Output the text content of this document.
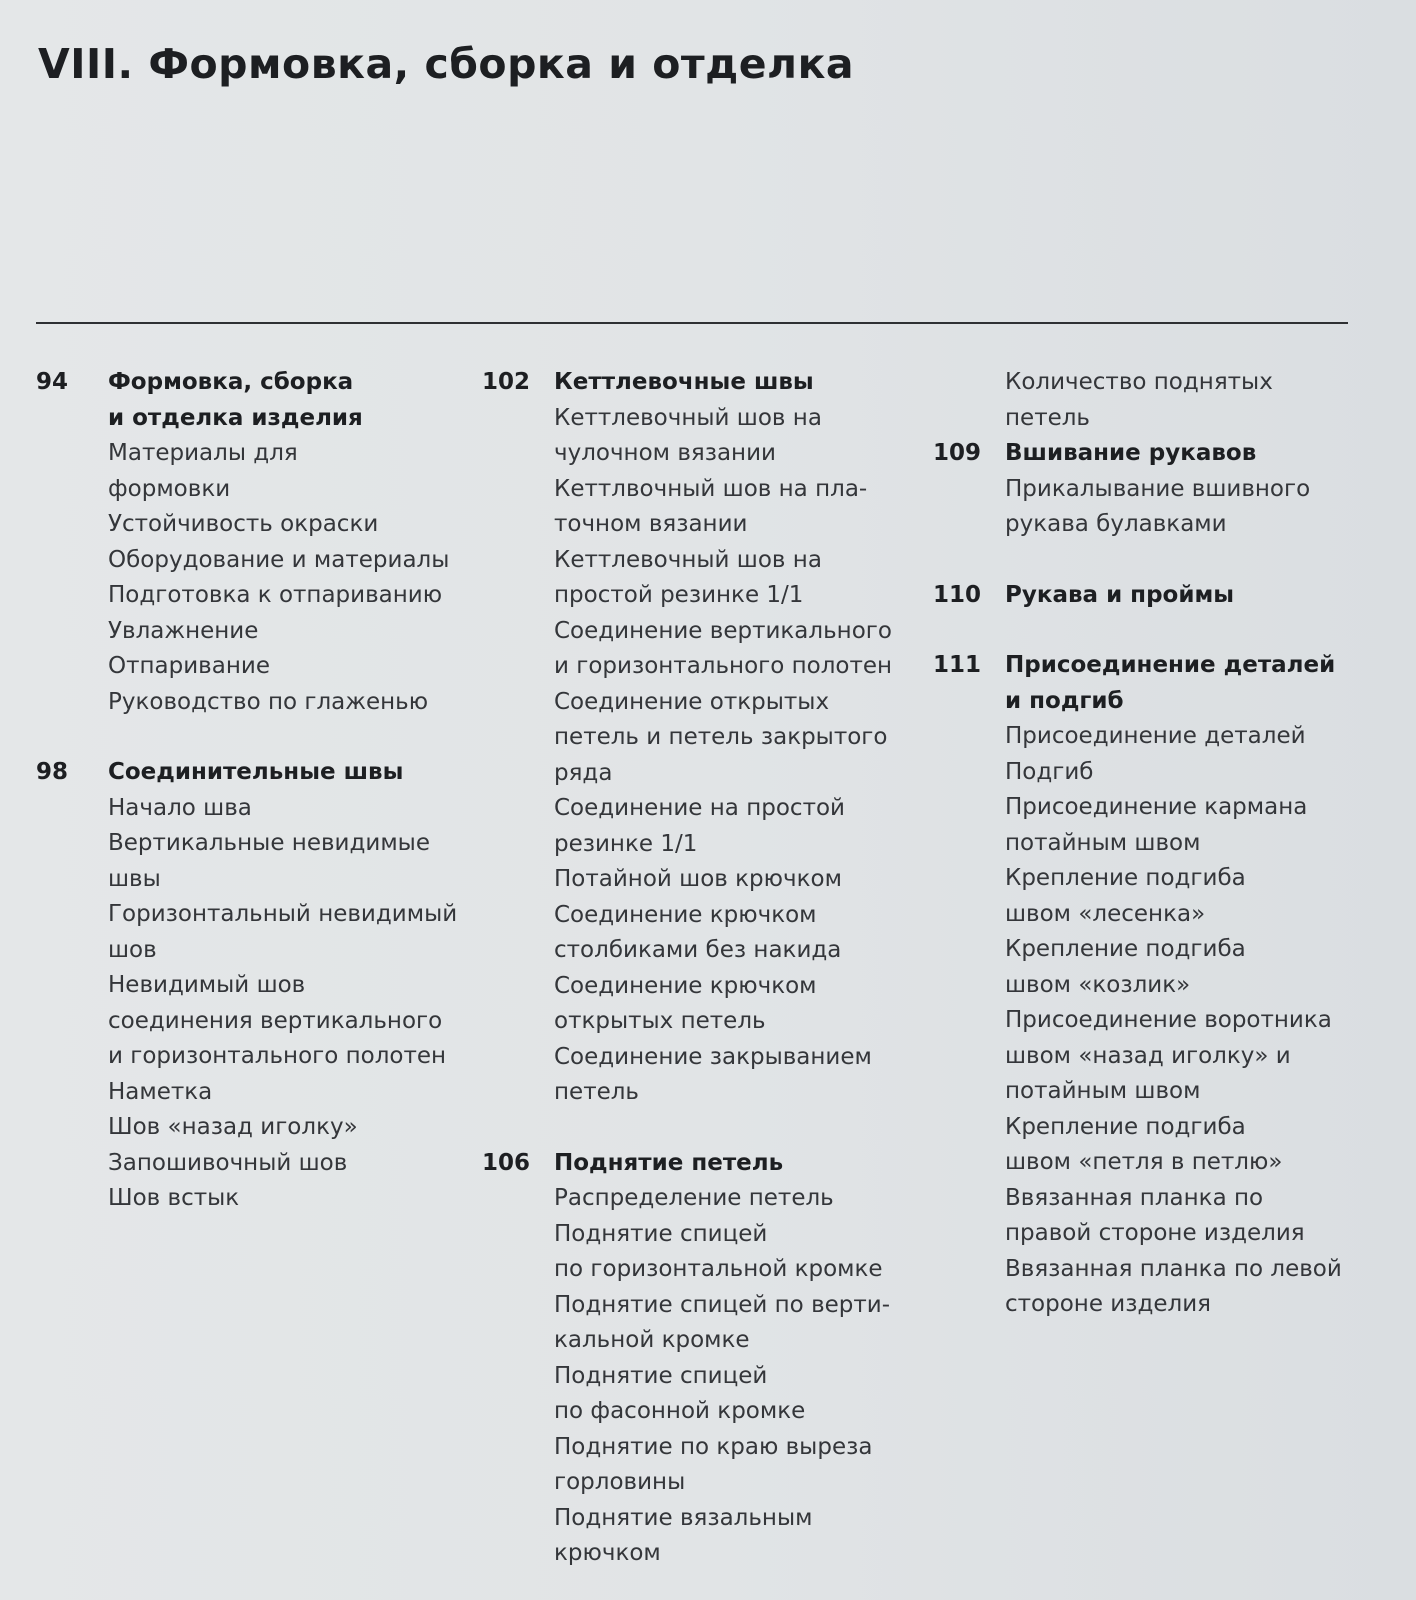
VIII. Формовка, сборка и отделка
94 Формовка, сборка
и отделка изделия
Материалы для
формовки
Устойчивость окраски
Оборудование и материалы
Подготовка к отпариванию
Увлажнение
Отпаривание
Руководство по глаженью
98 Соединительные швы
Начало шва
Вертикальные невидимые
швы
Горизонтальный невидимый
шов
Невидимый шов
соединения вертикального
и горизонтального полотен
Наметка
Шов «назад иголку»
Запошивочный шов
Шов встык
102 Кеттлевочные швы
Кеттлевочный шов на
чулочном вязании
Кеттлвочный шов на пла-
точном вязании
Кеттлевочный шов на
простой резинке 1/1
Соединение вертикального
и горизонтального полотен
Соединение открытых
петель и петель закрытого
ряда
Соединение на простой
резинке 1/1
Потайной шов крючком
Соединение крючком
столбиками без накида
Соединение крючком
открытых петель
Соединение закрыванием
петель
106 Поднятие петель
Распределение петель
Поднятие спицей
по горизонтальной кромке
Поднятие спицей по верти-
кальной кромке
Поднятие спицей
по фасонной кромке
Поднятие по краю выреза
горловины
Поднятие вязальным
крючком
Количество поднятых
петель
109 Вшивание рукавов
Прикалывание вшивного
рукава булавками
110 Рукава и проймы
111 Присоединение деталей
и подгиб
Присоединение деталей
Подгиб
Присоединение кармана
потайным швом
Крепление подгиба
швом «лесенка»
Крепление подгиба
швом «козлик»
Присоединение воротника
швом «назад иголку» и
потайным швом
Крепление подгиба
швом «петля в петлю»
Ввязанная планка по
правой стороне изделия
Ввязанная планка по левой
стороне изделия
